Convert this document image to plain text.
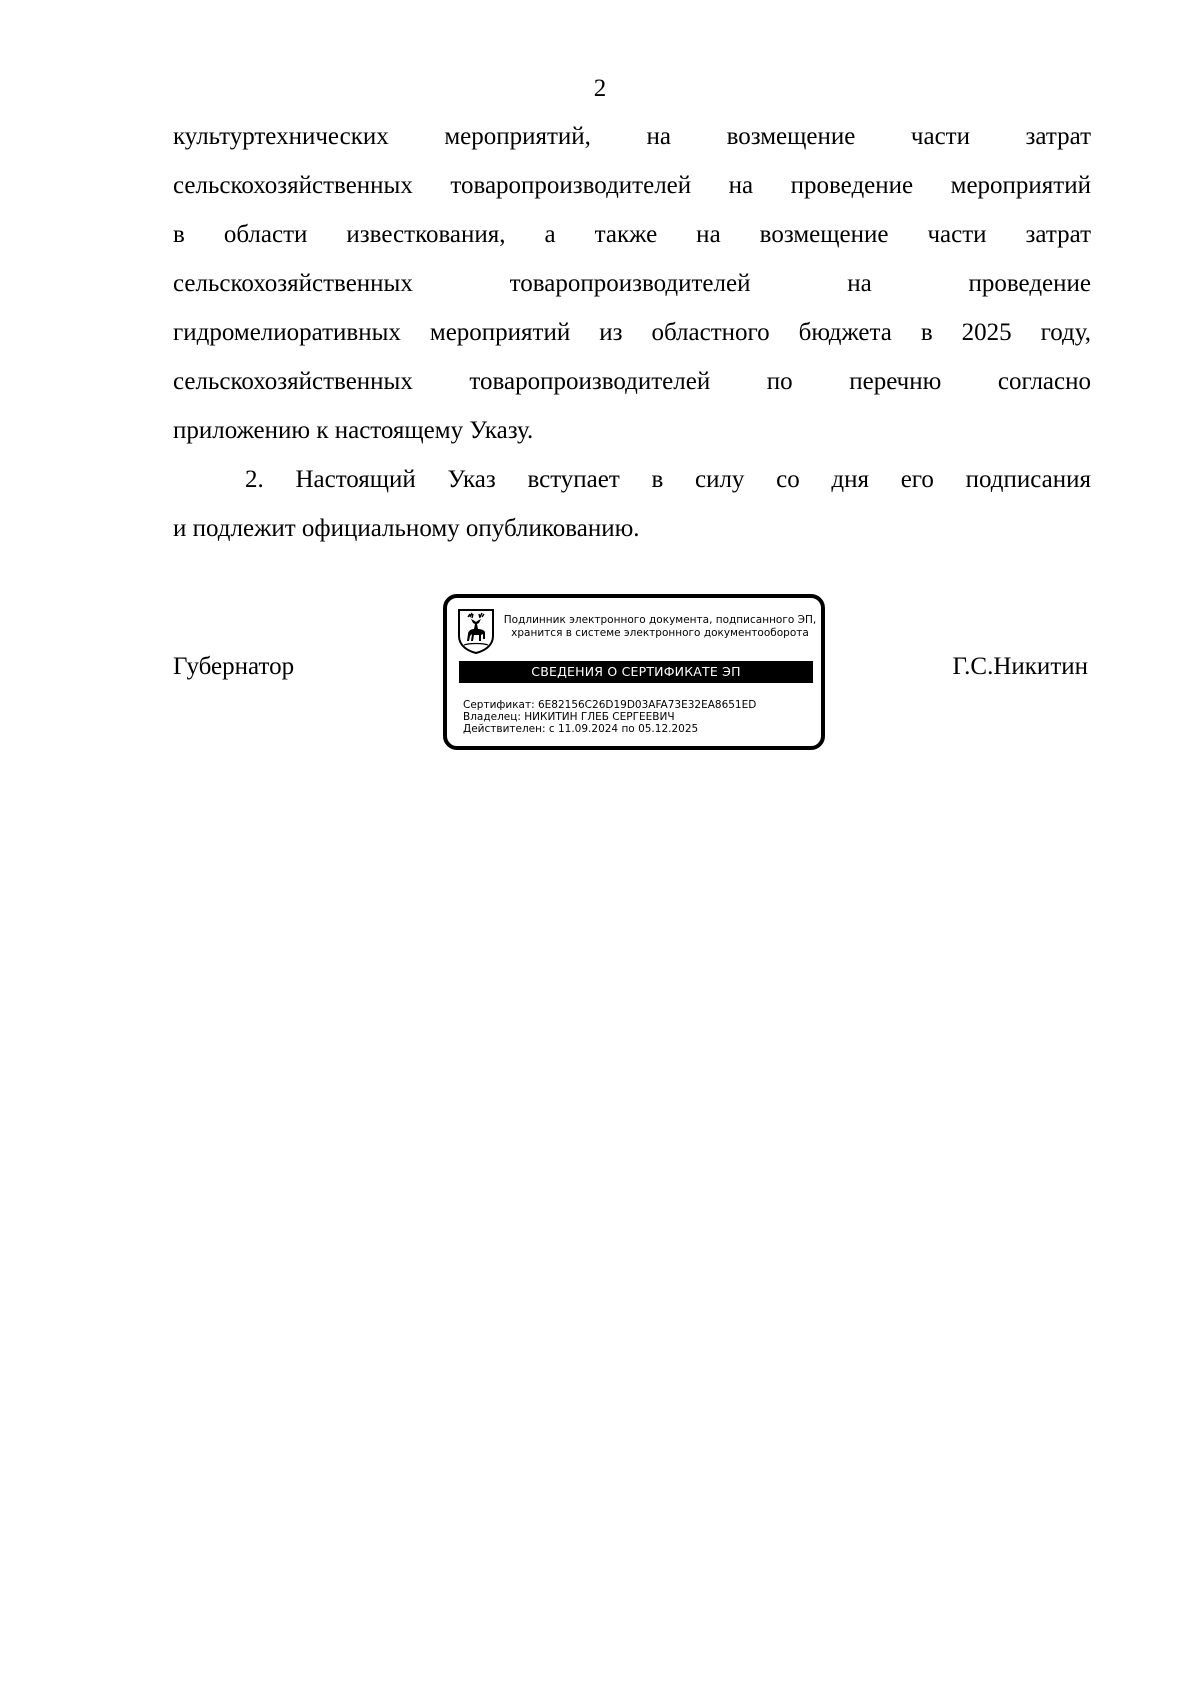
2

культуртехнических мероприятий, на возмещение части затрат
сельскохозяйственных товаропроизводителей на проведение мероприятий
в области известкования, а также на возмещение части затрат
сельскохозяйственных товаропроизводителей на проведение
гидромелиоративных мероприятий из областного бюджета в 2025 году,
сельскохозяйственных товаропроизводителей по перечню согласно
приложению к настоящему Указу.

2. Настоящий Указ вступает в силу со дня его подписания
и подлежит официальному опубликованию.

Губернатор
Подлинник электронного документа, подписанного ЭП,
хранится в системе электронного документооборота
СВЕДЕНИЯ О СЕРТИФИКАТЕ ЭП
Сертификат: 6E82156C26D19D03AFA73E32EA8651ED
Владелец: НИКИТИН ГЛЕБ СЕРГЕЕВИЧ
Действителен: с 11.09.2024 по 05.12.2025
Г.С.Никитин
